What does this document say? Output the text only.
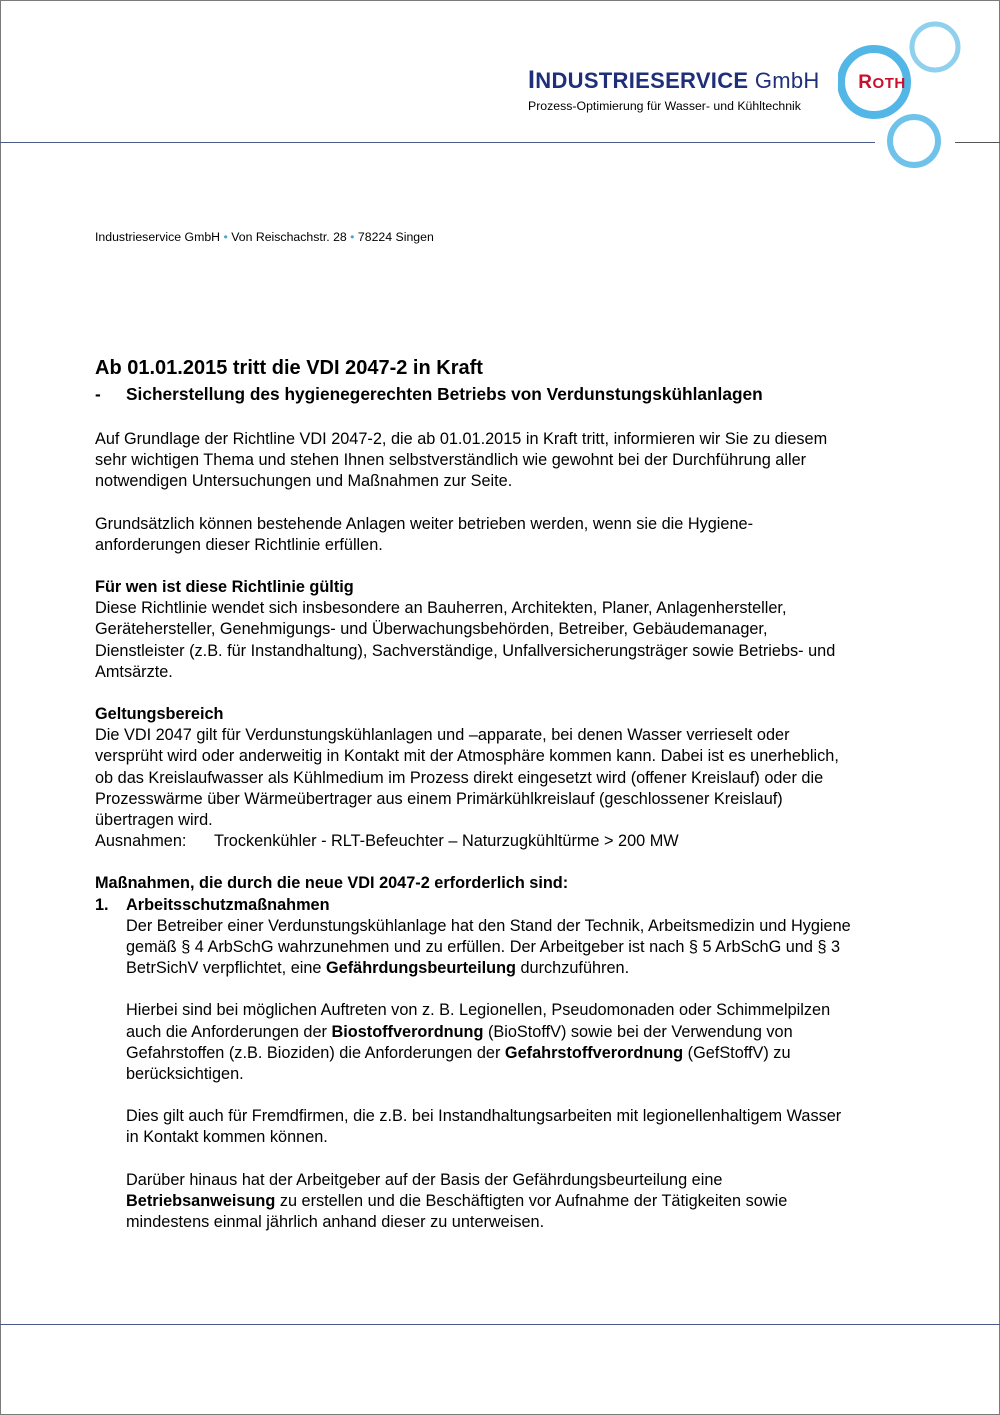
INDUSTRIESERVICE GmbH
Prozess-Optimierung für Wasser- und Kühltechnik
ROTH
Industrieservice GmbH • Von Reischachstr. 28 • 78224 Singen
Ab 01.01.2015 tritt die VDI 2047-2 in Kraft
- Sicherstellung des hygienegerechten Betriebs von Verdunstungskühlanlagen

Auf Grundlage der Richtline VDI 2047-2, die ab 01.01.2015 in Kraft tritt, informieren wir Sie zu diesem
sehr wichtigen Thema und stehen Ihnen selbstverständlich wie gewohnt bei der Durchführung aller
notwendigen Untersuchungen und Maßnahmen zur Seite.

Grundsätzlich können bestehende Anlagen weiter betrieben werden, wenn sie die Hygiene-
anforderungen dieser Richtlinie erfüllen.

Für wen ist diese Richtlinie gültig

Diese Richtlinie wendet sich insbesondere an Bauherren, Architekten, Planer, Anlagenhersteller,
Gerätehersteller, Genehmigungs- und Überwachungsbehörden, Betreiber, Gebäudemanager,
Dienstleister (z.B. für Instandhaltung), Sachverständige, Unfallversicherungsträger sowie Betriebs- und
Amtsärzte.

Geltungsbereich

Die VDI 2047 gilt für Verdunstungskühlanlagen und –apparate, bei denen Wasser verrieselt oder
versprüht wird oder anderweitig in Kontakt mit der Atmosphäre kommen kann. Dabei ist es unerheblich,
ob das Kreislaufwasser als Kühlmedium im Prozess direkt eingesetzt wird (offener Kreislauf) oder die
Prozesswärme über Wärmeübertrager aus einem Primärkühlkreislauf (geschlossener Kreislauf)
übertragen wird.

Ausnahmen: Trockenkühler - RLT-Befeuchter – Naturzugkühltürme > 200 MW

Maßnahmen, die durch die neue VDI 2047-2 erforderlich sind:

1. Arbeitsschutzmaßnahmen

Der Betreiber einer Verdunstungskühlanlage hat den Stand der Technik, Arbeitsmedizin und Hygiene
gemäß § 4 ArbSchG wahrzunehmen und zu erfüllen. Der Arbeitgeber ist nach § 5 ArbSchG und § 3
BetrSichV verpflichtet, eine Gefährdungsbeurteilung durchzuführen.

Hierbei sind bei möglichen Auftreten von z. B. Legionellen, Pseudomonaden oder Schimmelpilzen
auch die Anforderungen der Biostoffverordnung (BioStoffV) sowie bei der Verwendung von
Gefahrstoffen (z.B. Bioziden) die Anforderungen der Gefahrstoffverordnung (GefStoffV) zu
berücksichtigen.

Dies gilt auch für Fremdfirmen, die z.B. bei Instandhaltungsarbeiten mit legionellenhaltigem Wasser
in Kontakt kommen können.

Darüber hinaus hat der Arbeitgeber auf der Basis der Gefährdungsbeurteilung eine
Betriebsanweisung zu erstellen und die Beschäftigten vor Aufnahme der Tätigkeiten sowie
mindestens einmal jährlich anhand dieser zu unterweisen.
